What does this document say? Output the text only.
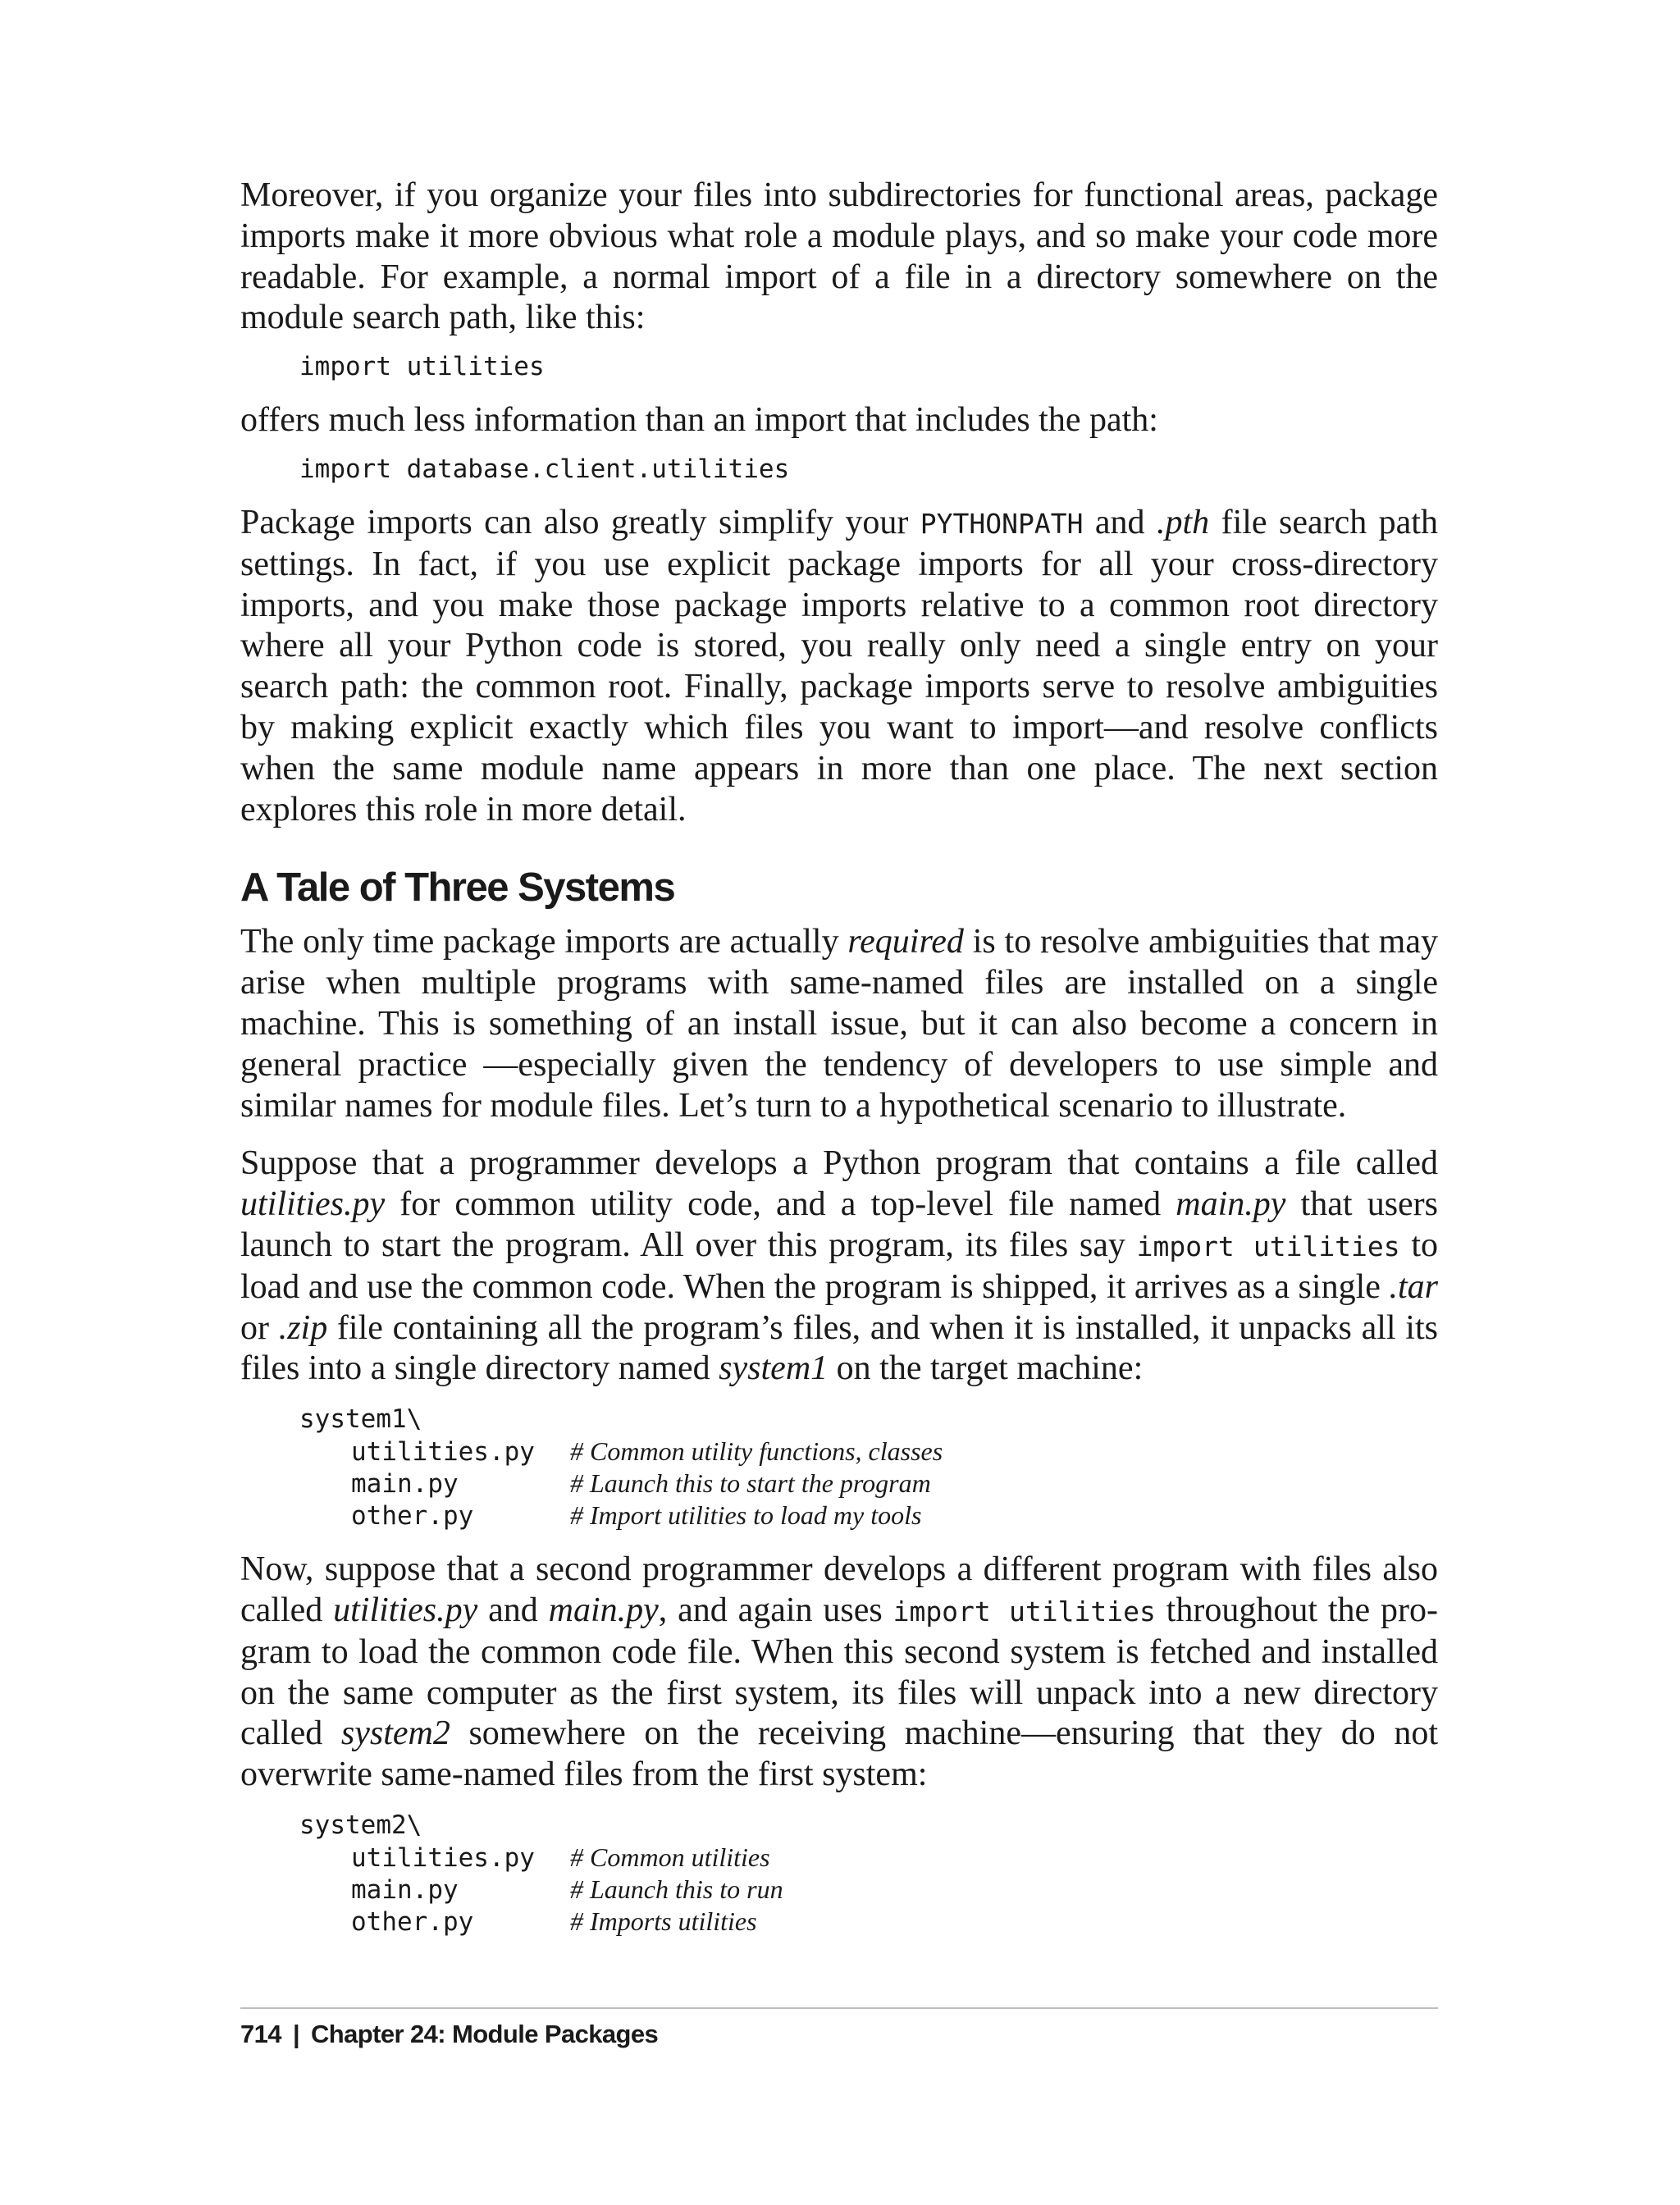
Moreover, if you organize your files into subdirectories for functional areas, package imports make it more obvious what role a module plays, and so make your code more readable. For example, a normal import of a file in a directory somewhere on the module search path, like this:

import utilities

offers much less information than an import that includes the path:

import database.client.utilities

Package imports can also greatly simplify your PYTHONPATH and .pth file search path settings. In fact, if you use explicit package imports for all your cross-directory imports, and you make those package imports relative to a common root directory where all your Python code is stored, you really only need a single entry on your search path: the common root. Finally, package imports serve to resolve ambiguities by making explicit exactly which files you want to import—and resolve conflicts when the same module name appears in more than one place. The next section explores this role in more detail.

A Tale of Three Systems

The only time package imports are actually required is to resolve ambiguities that may arise when multiple programs with same-named files are installed on a single machine. This is something of an install issue, but it can also become a concern in general practice —especially given the tendency of developers to use simple and similar names for module files. Let’s turn to a hypothetical scenario to illustrate.

Suppose that a programmer develops a Python program that contains a file called utilities.py for common utility code, and a top-level file named main.py that users launch to start the program. All over this program, its files say import utilities to load and use the common code. When the program is shipped, it arrives as a single .tar or .zip file containing all the program’s files, and when it is installed, it unpacks all its files into a single directory named system1 on the target machine:

system1\
utilities.py	# Common utility functions, classes
main.py	# Launch this to start the program
other.py	# Import utilities to load my tools

Now, suppose that a second programmer develops a different program with files also called utilities.py and main.py, and again uses import utilities throughout the program to load the common code file. When this second system is fetched and installed on the same computer as the first system, its files will unpack into a new directory called system2 somewhere on the receiving machine—ensuring that they do not overwrite same-named files from the first system:

system2\
utilities.py	# Common utilities
main.py	# Launch this to run
other.py	# Imports utilities
714 | Chapter 24: Module Packages
